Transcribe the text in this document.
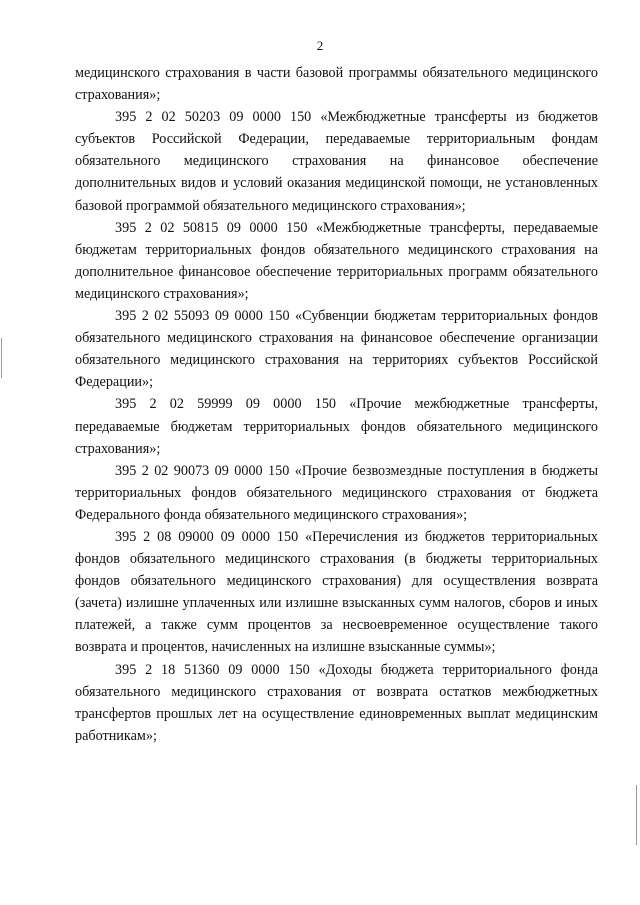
2

медицинского страхования в части базовой программы обязательного медицинского страхования»;

395 2 02 50203 09 0000 150 «Межбюджетные трансферты из бюджетов субъектов Российской Федерации, передаваемые территориальным фондам обязательного медицинского страхования на финансовое обеспечение дополнительных видов и условий оказания медицинской помощи, не установленных базовой программой обязательного медицинского страхования»;

395 2 02 50815 09 0000 150 «Межбюджетные трансферты, передаваемые бюджетам территориальных фондов обязательного медицинского страхования на дополнительное финансовое обеспечение территориальных программ обязательного медицинского страхования»;

395 2 02 55093 09 0000 150 «Субвенции бюджетам территориальных фондов обязательного медицинского страхования на финансовое обеспечение организации обязательного медицинского страхования на территориях субъектов Российской Федерации»;

395 2 02 59999 09 0000 150 «Прочие межбюджетные трансферты, передаваемые бюджетам территориальных фондов обязательного медицинского страхования»;

395 2 02 90073 09 0000 150 «Прочие безвозмездные поступления в бюджеты территориальных фондов обязательного медицинского страхования от бюджета Федерального фонда обязательного медицинского страхования»;

395 2 08 09000 09 0000 150 «Перечисления из бюджетов территориальных фондов обязательного медицинского страхования (в бюджеты территориальных фондов обязательного медицинского страхования) для осуществления возврата (зачета) излишне уплаченных или излишне взысканных сумм налогов, сборов и иных платежей, а также сумм процентов за несвоевременное осуществление такого возврата и процентов, начисленных на излишне взысканные суммы»;

395 2 18 51360 09 0000 150 «Доходы бюджета территориального фонда обязательного медицинского страхования от возврата остатков межбюджетных трансфертов прошлых лет на осуществление единовременных выплат медицинским работникам»;
